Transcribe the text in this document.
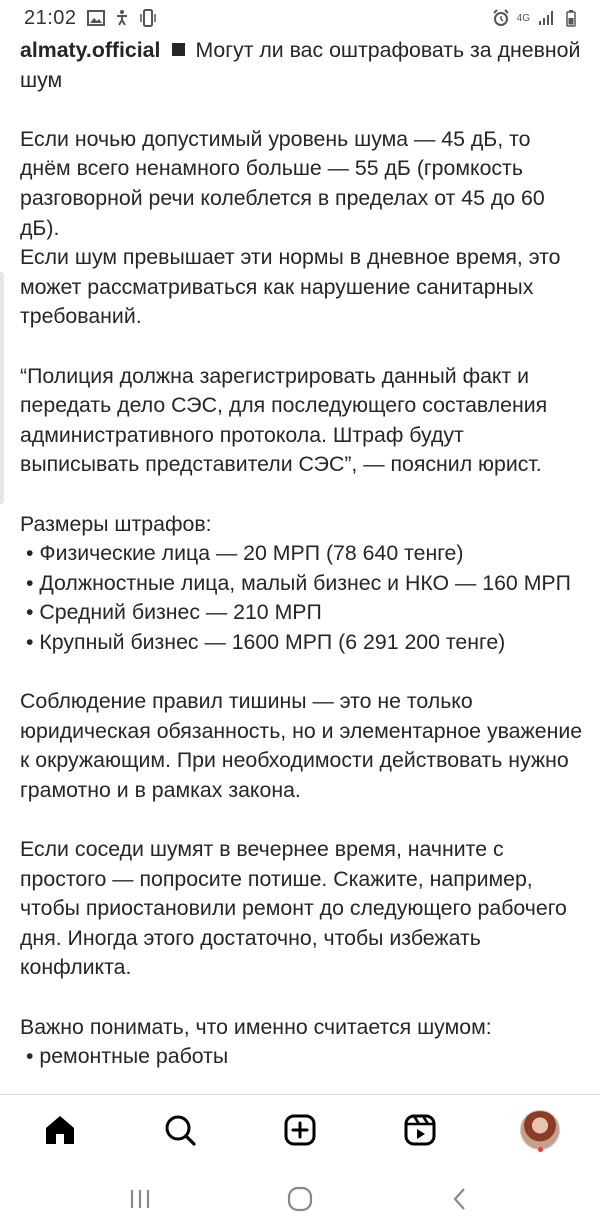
21:02	4G

almaty.official Могут ли вас оштрафовать за дневной шум

Если ночью допустимый уровень шума — 45 дБ, то днём всего ненамного больше — 55 дБ (громкость разговорной речи колеблется в пределах от 45 до 60 дБ).

Если шум превышает эти нормы в дневное время, это может рассматриваться как нарушение санитарных требований.

“Полиция должна зарегистрировать данный факт и передать дело СЭС, для последующего составления административного протокола. Штраф будут выписывать представители СЭС”, — пояснил юрист.

Размеры штрафов:

• Физические лица — 20 МРП (78 640 тенге)

• Должностные лица, малый бизнес и НКО — 160 МРП

• Средний бизнес — 210 МРП

• Крупный бизнес — 1600 МРП (6 291 200 тенге)

Соблюдение правил тишины — это не только юридическая обязанность, но и элементарное уважение к окружающим. При необходимости действовать нужно грамотно и в рамках закона.

Если соседи шумят в вечернее время, начните с простого — попросите потише. Скажите, например, чтобы приостановили ремонт до следующего рабочего дня. Иногда этого достаточно, чтобы избежать конфликта.

Важно понимать, что именно считается шумом:

• ремонтные работы
